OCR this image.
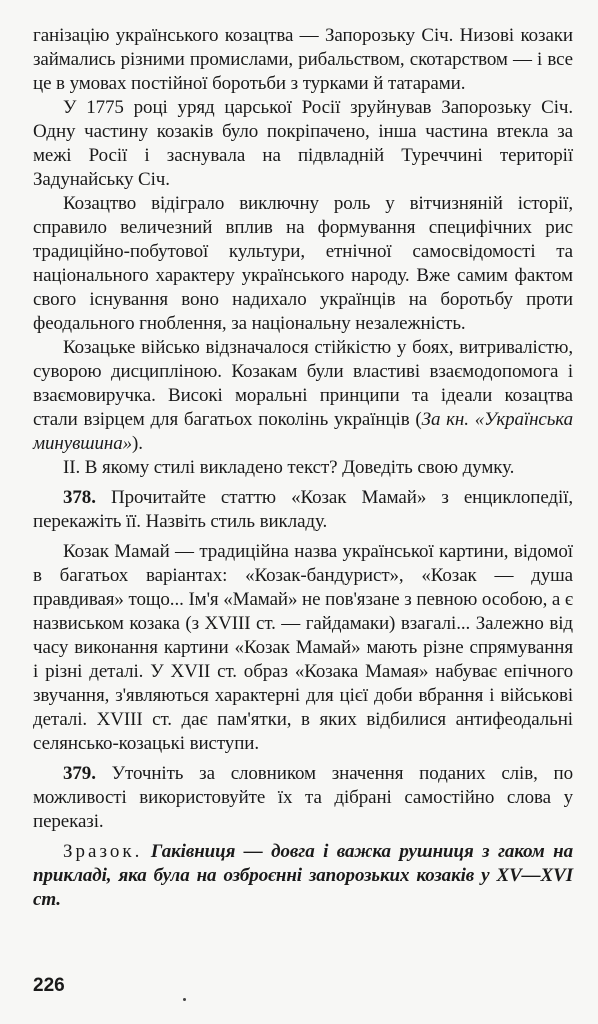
ганізацію українського козацтва — Запорозьку Січ. Низові козаки займались різними промислами, рибальством, скотарством — і все це в умовах постійної боротьби з турками й татарами.

У 1775 році уряд царської Росії зруйнував Запорозьку Січ. Одну частину козаків було покріпачено, інша частина втекла за межі Росії і заснувала на підвладній Туреччині території Задунайську Січ.

Козацтво відіграло виключну роль у вітчизняній історії, справило величезний вплив на формування специфічних рис традиційно-побутової культури, етнічної самосвідомості та національного характеру українського народу. Вже самим фактом свого існування воно надихало українців на боротьбу проти феодального гноблення, за національну незалежність.

Козацьке військо відзначалося стійкістю у боях, витривалістю, суворою дисципліною. Козакам були властиві взаємодопомога і взаємовиручка. Високі моральні принципи та ідеали козацтва стали взірцем для багатьох поколінь українців (За кн. «Українська минувшина»).

II. В якому стилі викладено текст? Доведіть свою думку.

378. Прочитайте статтю «Козак Мамай» з енциклопедії, перекажіть її. Назвіть стиль викладу.

Козак Мамай — традиційна назва української картини, відомої в багатьох варіантах: «Козак-бандурист», «Козак — душа правдивая» тощо... Ім'я «Мамай» не пов'язане з певною особою, а є назвиськом козака (з XVIII ст. — гайдамаки) взагалі... Залежно від часу виконання картини «Козак Мамай» мають різне спрямування і різні деталі. У XVII ст. образ «Козака Мамая» набуває епічного звучання, з'являються характерні для цієї доби вбрання і військові деталі. XVIII ст. дає пам'ятки, в яких відбилися антифеодальні селянсько-козацькі виступи.

379. Уточніть за словником значення поданих слів, по можливості використовуйте їх та дібрані самостійно слова у переказі.

Зразок. Гаківниця — довга і важка рушниця з гаком на прикладі, яка була на озброєнні запорозьких козаків у XV—XVI ст.

226
